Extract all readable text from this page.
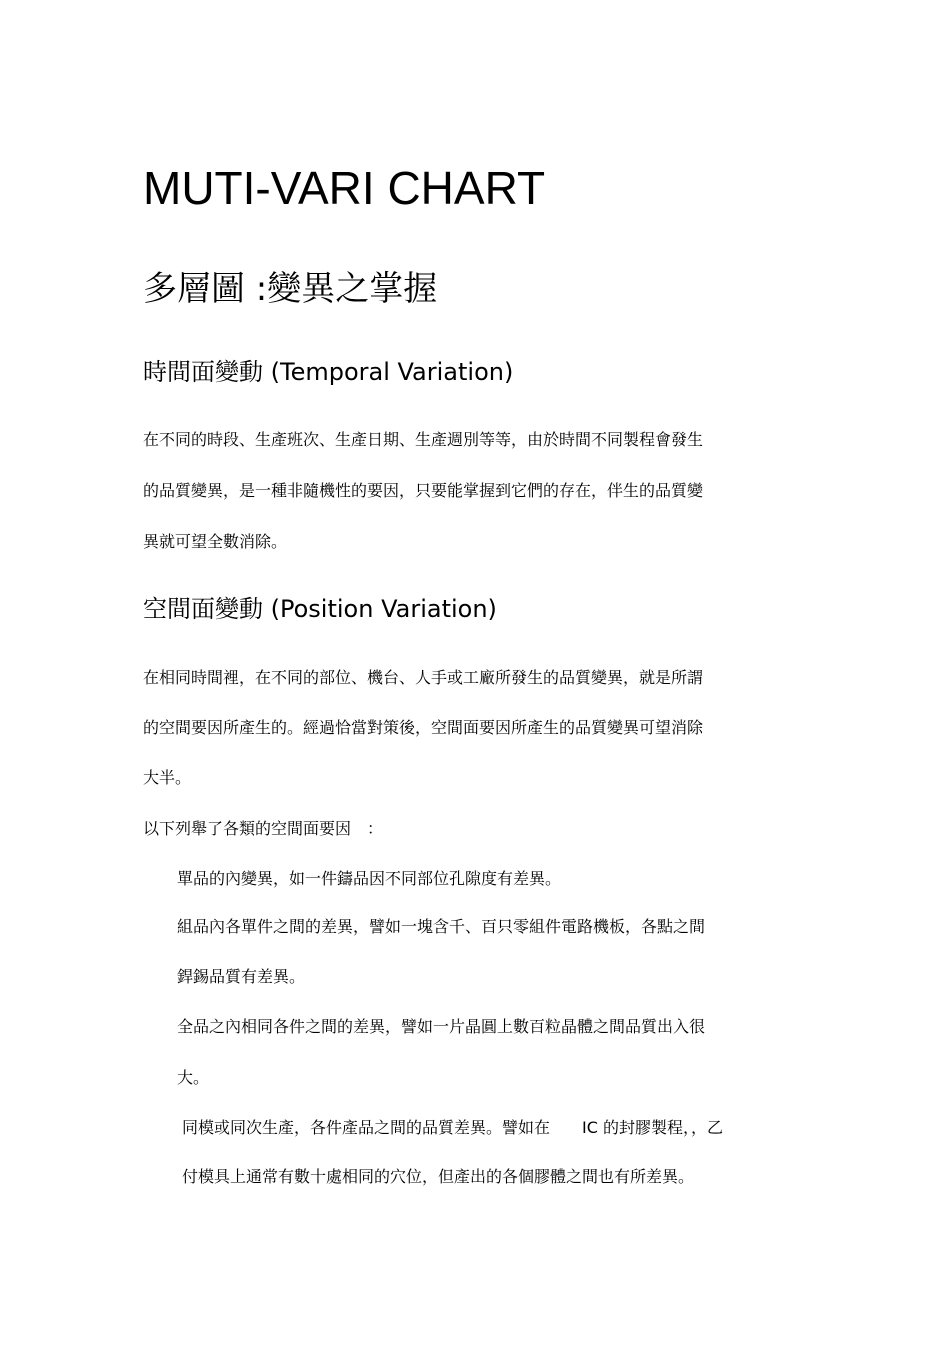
MUTI-VARI CHART
多層圖 :變異之掌握
時間面變動 (Temporal Variation)

在不同的時段、生產班次、生產日期、生產週別等等，由於時間不同製程會發生

的品質變異，是一種非隨機性的要因，只要能掌握到它們的存在，伴生的品質變

異就可望全數消除。

空間面變動 (Position Variation)

在相同時間裡，在不同的部位、機台、人手或工廠所發生的品質變異，就是所謂

的空間要因所產生的。經過恰當對策後，空間面要因所產生的品質變異可望消除

大半。

以下列舉了各類的空間面要因　：

單品的內變異，如一件鑄品因不同部位孔隙度有差異。

組品內各單件之間的差異，譬如一塊含千、百只零組件電路機板，各點之間

銲錫品質有差異。

全品之內相同各件之間的差異，譬如一片晶圓上數百粒晶體之間品質出入很

大。

同模或同次生產，各件產品之間的品質差異。譬如在　　IC 的封膠製程，，乙

付模具上通常有數十處相同的穴位，但產出的各個膠體之間也有所差異。
